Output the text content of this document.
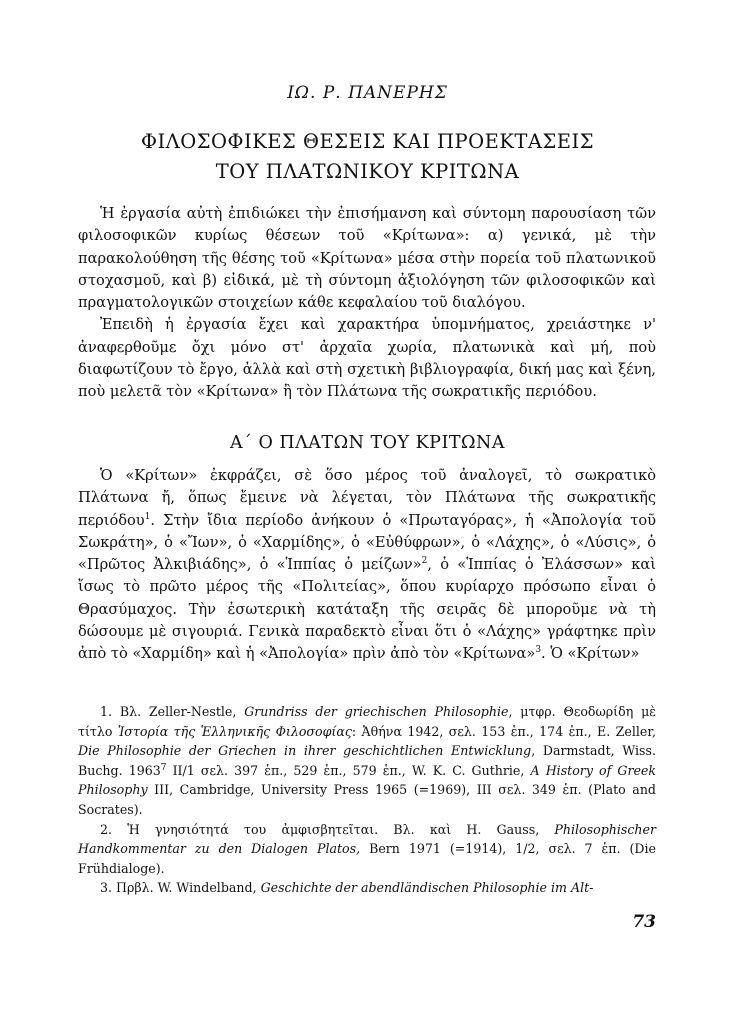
ΙΩ. Ρ. ΠΑΝΕΡΗΣ
ΦΙΛΟΣΟΦΙΚΕΣ ΘΕΣΕΙΣ ΚΑΙ ΠΡΟΕΚΤΑΣΕΙΣ
ΤΟΥ ΠΛΑΤΩΝΙΚΟΥ ΚΡΙΤΩΝΑ

Ἡ ἐργασία αὐτὴ ἐπιδιώκει τὴν ἐπισήμανση καὶ σύντομη παρουσίαση τῶν φιλοσοφικῶν κυρίως θέσεων τοῦ «Κρίτωνα»: α) γενικά, μὲ τὴν παρακολούθηση τῆς θέσης τοῦ «Κρίτωνα» μέσα στὴν πορεία τοῦ πλατωνικοῦ στοχασμοῦ, καὶ β) εἰδικά, μὲ τὴ σύντομη ἀξιολόγηση τῶν φιλοσοφικῶν καὶ πραγματολογικῶν στοιχείων κάθε κεφαλαίου τοῦ διαλόγου.

Ἐπειδὴ ἡ ἐργασία ἔχει καὶ χαρακτήρα ὑπομνήματος, χρειάστηκε ν' ἀναφερθοῦμε ὄχι μόνο στ' ἀρχαῖα χωρία, πλατωνικὰ καὶ μή, ποὺ διαφωτίζουν τὸ ἔργο, ἀλλὰ καὶ στὴ σχετικὴ βιβλιογραφία, δική μας καὶ ξένη, ποὺ μελετᾶ τὸν «Κρίτωνα» ἢ τὸν Πλάτωνα τῆς σωκρατικῆς περιόδου.

Α΄ Ο ΠΛΑΤΩΝ ΤΟΥ ΚΡΙΤΩΝΑ

Ὁ «Κρίτων» ἐκφράζει, σὲ ὅσο μέρος τοῦ ἀναλογεῖ, τὸ σωκρατικὸ Πλάτωνα ἤ, ὅπως ἔμεινε νὰ λέγεται, τὸν Πλάτωνα τῆς σωκρατικῆς περιόδου$^1$. Στὴν ἴδια περίοδο ἀνήκουν ὁ «Πρωταγόρας», ἡ «Ἀπολογία τοῦ Σωκράτη», ὁ «Ἴων», ὁ «Χαρμίδης», ὁ «Εὐθύφρων», ὁ «Λάχης», ὁ «Λύσις», ὁ «Πρῶτος Ἀλκιβιάδης», ὁ «Ἱππίας ὁ μείζων»$^2$, ὁ «Ἱππίας ὁ Ἐλάσσων» καὶ ἴσως τὸ πρῶτο μέρος τῆς «Πολιτείας», ὅπου κυρίαρχο πρόσωπο εἶναι ὁ Θρασύμαχος. Τὴν ἐσωτερικὴ κατάταξη τῆς σειρᾶς δὲ μποροῦμε νὰ τὴ δώσουμε μὲ σιγουριά. Γενικὰ παραδεκτὸ εἶναι ὅτι ὁ «Λάχης» γράφτηκε πρὶν ἀπὸ τὸ «Χαρμίδη» καὶ ἡ «Ἀπολογία» πρὶν ἀπὸ τὸν «Κρίτωνα»$^3$. Ὁ «Κρίτων»

1. Βλ. Zeller-Nestle, Grundriss der griechischen Philosophie, μτφρ. Θεοδωρίδη μὲ τίτλο Ἱστορία τῆς Ἑλληνικῆς Φιλοσοφίας: Ἀθήνα 1942, σελ. 153 ἑπ., 174 ἑπ., E. Zeller, Die Philosophie der Griechen in ihrer geschichtlichen Entwicklung, Darmstadt, Wiss. Buchg. 1963$^7$ II/1 σελ. 397 ἑπ., 529 ἑπ., 579 ἑπ., W. K. C. Guthrie, A History of Greek Philosophy III, Cambridge, University Press 1965 (=1969), III σελ. 349 ἑπ. (Plato and Socrates).

2. Ἡ γνησιότητά του ἀμφισβητεῖται. Βλ. καὶ H. Gauss, Philosophischer Handkommentar zu den Dialogen Platos, Bern 1971 (=1914), 1/2, σελ. 7 ἑπ. (Die Frühdialoge).

3. Πρβλ. W. Windelband, Geschichte der abendländischen Philosophie im Alt-

73
